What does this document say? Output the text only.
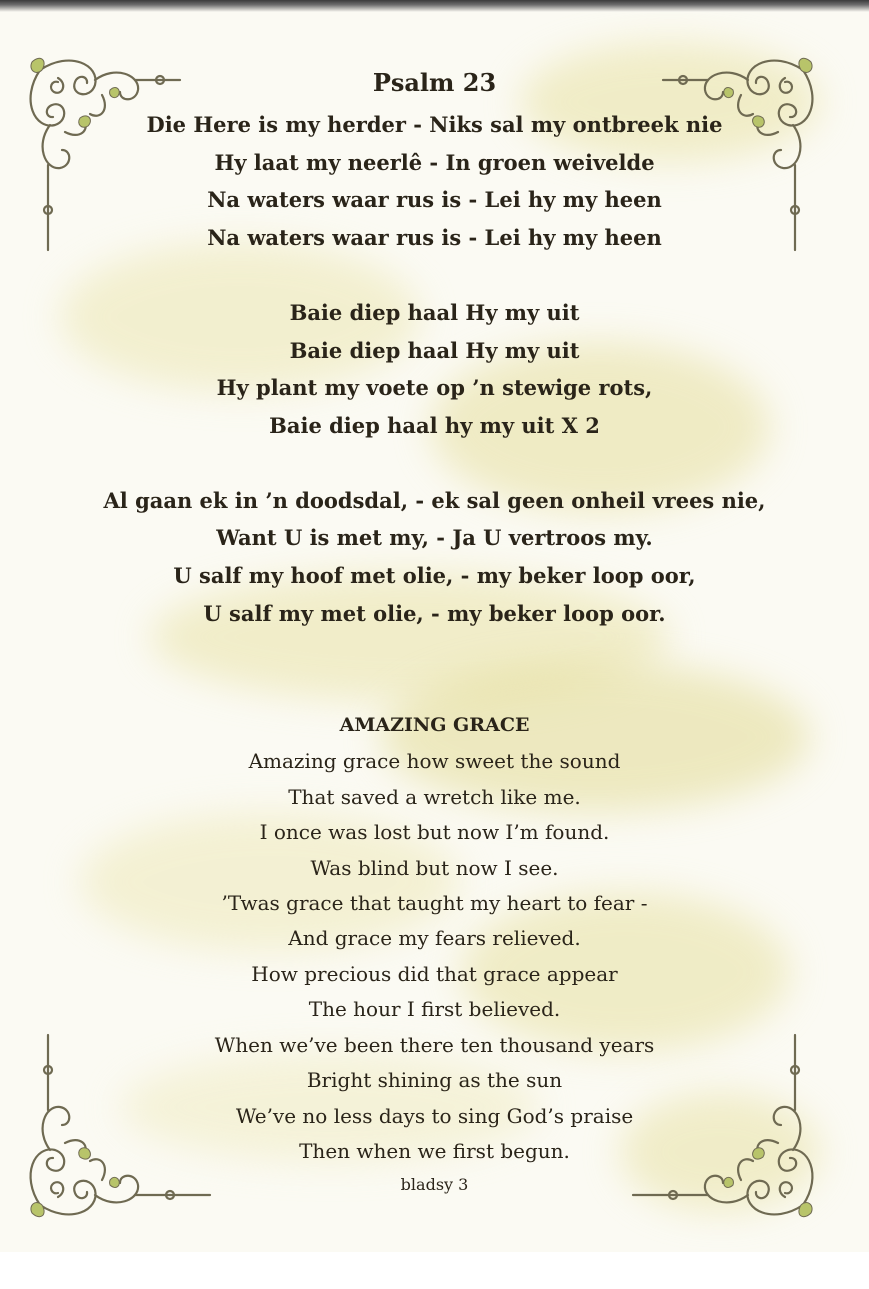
Psalm 23
Die Here is my herder - Niks sal my ontbreek nie
Hy laat my neerlê - In groen weivelde
Na waters waar rus is - Lei hy my heen
Na waters waar rus is - Lei hy my heen
Baie diep haal Hy my uit
Baie diep haal Hy my uit
Hy plant my voete op ’n stewige rots,
Baie diep haal hy my uit X 2
Al gaan ek in ’n doodsdal, - ek sal geen onheil vrees nie,
Want U is met my, - Ja U vertroos my.
U salf my hoof met olie, - my beker loop oor,
U salf my met olie, - my beker loop oor.
AMAZING GRACE
Amazing grace how sweet the sound
That saved a wretch like me.
I once was lost but now I’m found.
Was blind but now I see.
’Twas grace that taught my heart to fear -
And grace my fears relieved.
How precious did that grace appear
The hour I first believed.
When we’ve been there ten thousand years
Bright shining as the sun
We’ve no less days to sing God’s praise
Then when we first begun.
bladsy 3
